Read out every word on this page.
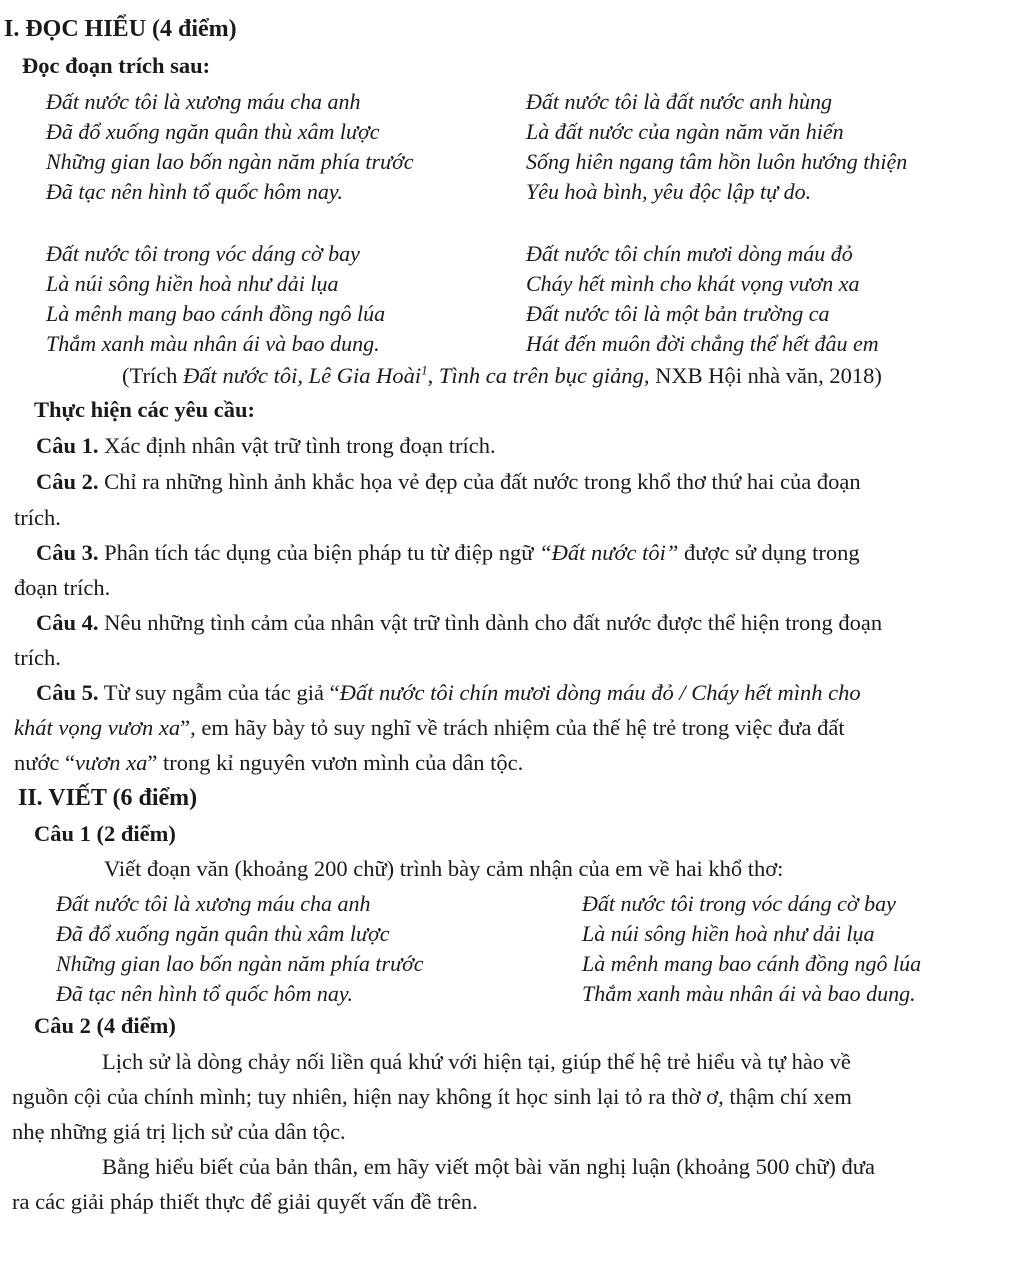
I. ĐỌC HIỂU (4 điểm)
Đọc đoạn trích sau:
Đất nước tôi là xương máu cha anh
Đã đổ xuống ngăn quân thù xâm lược
Những gian lao bốn ngàn năm phía trước
Đã tạc nên hình tổ quốc hôm nay.
Đất nước tôi trong vóc dáng cờ bay
Là núi sông hiền hoà như dải lụa
Là mênh mang bao cánh đồng ngô lúa
Thắm xanh màu nhân ái và bao dung.
Đất nước tôi là đất nước anh hùng
Là đất nước của ngàn năm văn hiến
Sống hiên ngang tâm hồn luôn hướng thiện
Yêu hoà bình, yêu độc lập tự do.
Đất nước tôi chín mươi dòng máu đỏ
Cháy hết mình cho khát vọng vươn xa
Đất nước tôi là một bản trường ca
Hát đến muôn đời chẳng thể hết đâu em
(Trích Đất nước tôi, Lê Gia Hoài$^1$, Tình ca trên bục giảng, NXB Hội nhà văn, 2018)
Thực hiện các yêu cầu:
Câu 1. Xác định nhân vật trữ tình trong đoạn trích.
Câu 2. Chỉ ra những hình ảnh khắc họa vẻ đẹp của đất nước trong khổ thơ thứ hai của đoạn
trích.
Câu 3. Phân tích tác dụng của biện pháp tu từ điệp ngữ “Đất nước tôi” được sử dụng trong
đoạn trích.
Câu 4. Nêu những tình cảm của nhân vật trữ tình dành cho đất nước được thể hiện trong đoạn
trích.
Câu 5. Từ suy ngẫm của tác giả “Đất nước tôi chín mươi dòng máu đỏ / Cháy hết mình cho
khát vọng vươn xa”, em hãy bày tỏ suy nghĩ về trách nhiệm của thế hệ trẻ trong việc đưa đất
nước “vươn xa” trong kỉ nguyên vươn mình của dân tộc.
II. VIẾT (6 điểm)
Câu 1 (2 điểm)
Viết đoạn văn (khoảng 200 chữ) trình bày cảm nhận của em về hai khổ thơ:
Đất nước tôi là xương máu cha anh
Đã đổ xuống ngăn quân thù xâm lược
Những gian lao bốn ngàn năm phía trước
Đã tạc nên hình tổ quốc hôm nay.
Đất nước tôi trong vóc dáng cờ bay
Là núi sông hiền hoà như dải lụa
Là mênh mang bao cánh đồng ngô lúa
Thắm xanh màu nhân ái và bao dung.
Câu 2 (4 điểm)
Lịch sử là dòng chảy nối liền quá khứ với hiện tại, giúp thế hệ trẻ hiểu và tự hào về
nguồn cội của chính mình; tuy nhiên, hiện nay không ít học sinh lại tỏ ra thờ ơ, thậm chí xem
nhẹ những giá trị lịch sử của dân tộc.
Bằng hiểu biết của bản thân, em hãy viết một bài văn nghị luận (khoảng 500 chữ) đưa
ra các giải pháp thiết thực để giải quyết vấn đề trên.
